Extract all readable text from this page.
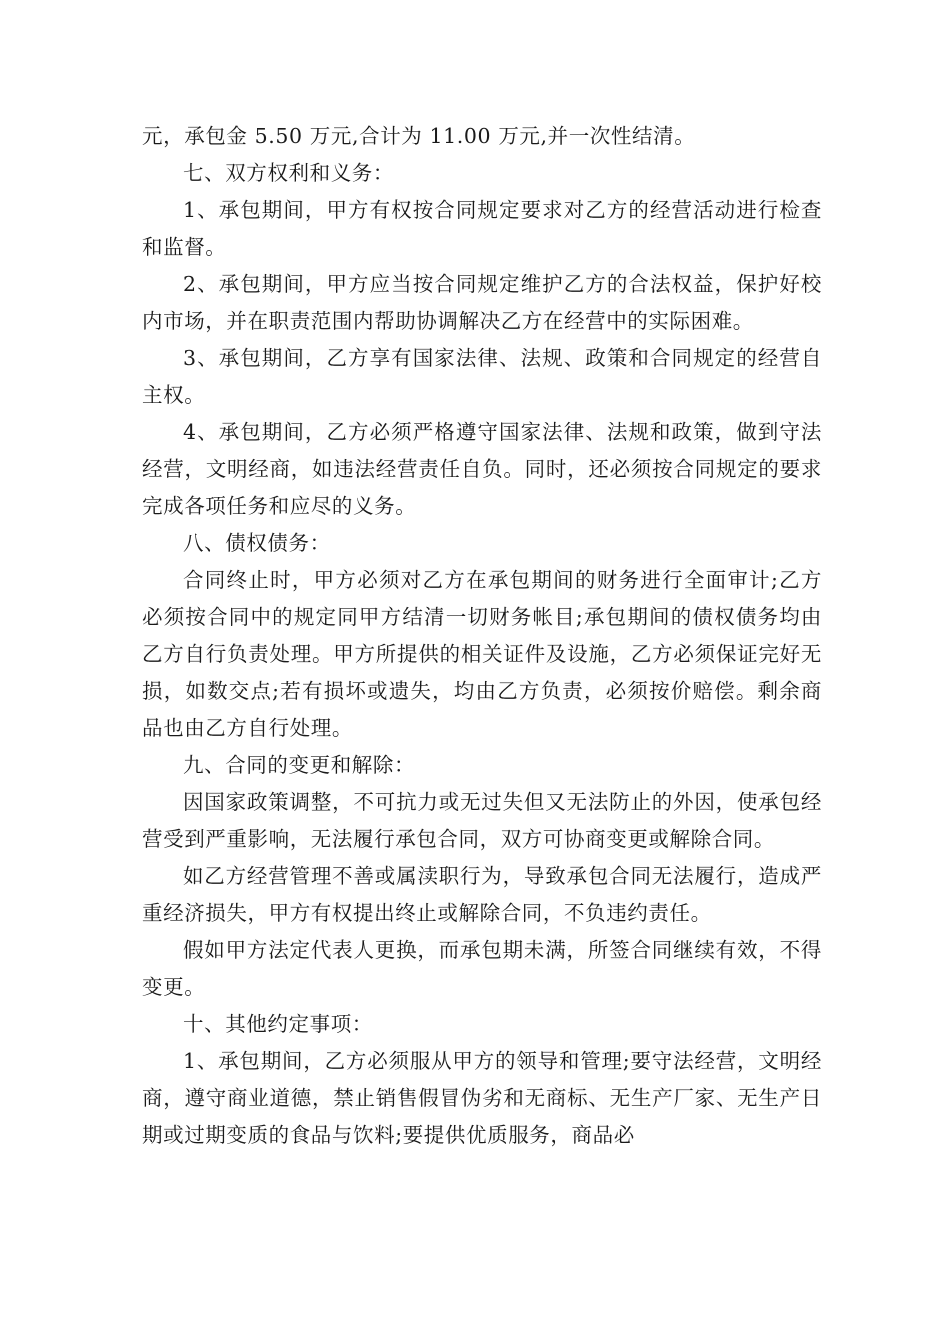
元，承包金 5.50 万元,合计为 11.00 万元,并一次性结清。

七、双方权利和义务：

1、承包期间，甲方有权按合同规定要求对乙方的经营活动进行检查和监督。

2、承包期间，甲方应当按合同规定维护乙方的合法权益，保护好校内市场，并在职责范围内帮助协调解决乙方在经营中的实际困难。

3、承包期间，乙方享有国家法律、法规、政策和合同规定的经营自主权。

4、承包期间，乙方必须严格遵守国家法律、法规和政策，做到守法经营，文明经商，如违法经营责任自负。同时，还必须按合同规定的要求完成各项任务和应尽的义务。

八、债权债务：

合同终止时，甲方必须对乙方在承包期间的财务进行全面审计;乙方必须按合同中的规定同甲方结清一切财务帐目;承包期间的债权债务均由乙方自行负责处理。甲方所提供的相关证件及设施，乙方必须保证完好无损，如数交点;若有损坏或遗失，均由乙方负责，必须按价赔偿。剩余商品也由乙方自行处理。

九、合同的变更和解除：

因国家政策调整，不可抗力或无过失但又无法防止的外因，使承包经营受到严重影响，无法履行承包合同，双方可协商变更或解除合同。

如乙方经营管理不善或属渎职行为，导致承包合同无法履行，造成严重经济损失，甲方有权提出终止或解除合同，不负违约责任。

假如甲方法定代表人更换，而承包期未满，所签合同继续有效，不得变更。

十、其他约定事项：

1、承包期间，乙方必须服从甲方的领导和管理;要守法经营，文明经商，遵守商业道德，禁止销售假冒伪劣和无商标、无生产厂家、无生产日期或过期变质的食品与饮料;要提供优质服务，商品必
